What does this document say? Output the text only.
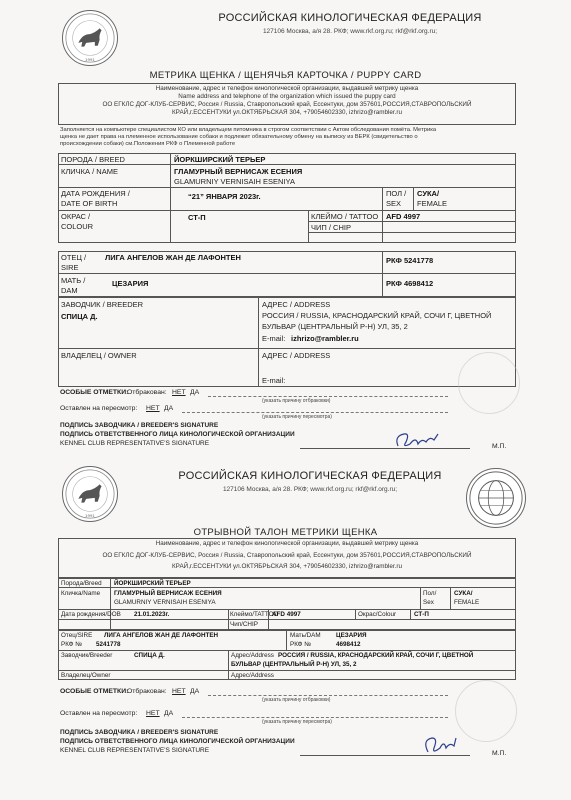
1991
РОССИЙСКАЯ КИНОЛОГИЧЕСКАЯ ФЕДЕРАЦИЯ
127106 Москва, а/я 28. РКФ; www.rkf.org.ru; rkf@rkf.org.ru;
МЕТРИКА ЩЕНКА / ЩЕНЯЧЬЯ КАРТОЧКА / PUPPY CARD
Наименование, адрес и телефон кинологической организации, выдавшей метрику щенка
Name address and telephone of the organization which issued the puppy card
ОО ЕГКЛС ДОГ-КЛУБ-СЕРВИС, Россия / Russia, Ставропольский край, Ессентуки, дом 357601,РОССИЯ,СТАВРОПОЛЬСКИЙ
КРАЙ,г.ЕССЕНТУКИ ул.ОКТЯБРЬСКАЯ 304, +79054602330, izhrizo@rambler.ru
Заполняется на компьютере специалистом КО или владельцем питомника в строгом соответствии с Актом обследования помёта. Метрика
щенка не дает права на племенное использование собаки и подлежит обязательному обмену на выписку из ВЕРК (свидетельство о
происхождении собаки) см.Положения РКФ о Племенной работе
ПОРОДА / BREED	ЙОРКШИРСКИЙ ТЕРЬЕР
КЛИЧКА / NAME	ГЛАМУРНЫЙ ВЕРНИСАЖ ЕСЕНИЯ
GLAMURNIY VERNISAIH ESENIYA
ДАТА РОЖДЕНИЯ /
DATE OF BIRTH
“21” ЯНВАРЯ 2023г.	ПОЛ /
SEX
СУКА/
FEMALE
ОКРАС /
COLOUR
СТ-П	КЛЕЙМО / TATTOO AFD 4997
ЧИП / CHIP
ОТЕЦ /
SIRE
ЛИГА АНГЕЛОВ ЖАН ДЕ ЛАФОНТЕН	РКФ 5241778
МАТЬ /
DAM
ЦЕЗАРИЯ	РКФ 4698412
ЗАВОДЧИК / BREEDER
СПИЦА Д.
АДРЕС / ADDRESS
РОССИЯ / RUSSIA, КРАСНОДАРСКИЙ КРАЙ, СОЧИ Г, ЦВЕТНОЙ
БУЛЬВАР (ЦЕНТРАЛЬНЫЙ Р-Н) УЛ, 35, 2
E-mail: izhrizo@rambler.ru
ВЛАДЕЛЕЦ / OWNER	АДРЕС / ADDRESS
E-mail:
ОСОБЫЕ ОТМЕТКИ:
Отбракован: НЕТ ДА
(указать причину отбраковки)
Оставлен на пересмотр: НЕТ ДА
(указать причину пересмотра)
ПОДПИСЬ ЗАВОДЧИКА / BREEDER'S SIGNATURE
ПОДПИСЬ ОТВЕТСТВЕННОГО ЛИЦА КИНОЛОГИЧЕСКОЙ ОРГАНИЗАЦИИ
KENNEL CLUB REPRESENTATIVE'S SIGNATURE	М.П.
1991
РОССИЙСКАЯ КИНОЛОГИЧЕСКАЯ ФЕДЕРАЦИЯ
127106 Москва, а/я 28. РКФ; www.rkf.org.ru; rkf@rkf.org.ru;
ОТРЫВНОЙ ТАЛОН МЕТРИКИ ЩЕНКА
Наименование, адрес и телефон кинологической организации, выдавшей метрику щенка
ОО ЕГКЛС ДОГ-КЛУБ-СЕРВИС, Россия / Russia, Ставропольский край, Ессентуки, дом 357601,РОССИЯ,СТАВРОПОЛЬСКИЙ
КРАЙ,г.ЕССЕНТУКИ ул.ОКТЯБРЬСКАЯ 304, +79054602330, izhrizo@rambler.ru
Порода/Breed ЙОРКШИРСКИЙ ТЕРЬЕР
Кличка/Name ГЛАМУРНЫЙ ВЕРНИСАЖ ЕСЕНИЯ
GLAMURNIY VERNISAIH ESENIYA
Пол/
Sex
СУКА/
FEMALE
Дата рождения/DOB 21.01.2023г.	Клеймо/TATTOO
AFD 4997	Окрас/Colour	СТ-П
Чип/CHIP
Отец/SIRE ЛИГА АНГЕЛОВ ЖАН ДЕ ЛАФОНТЕН
РКФ № 5241778
Мать/DAM ЦЕЗАРИЯ
РКФ №	4698412
Заводчик/Breeder	СПИЦА Д.	Адрес/Address РОССИЯ / RUSSIA, КРАСНОДАРСКИЙ КРАЙ, СОЧИ Г, ЦВЕТНОЙ
БУЛЬВАР (ЦЕНТРАЛЬНЫЙ Р-Н) УЛ, 35, 2
Владелец/Owner	Адрес/Address
ОСОБЫЕ ОТМЕТКИ:
Отбракован: НЕТ ДА
(указать причину отбраковки)
Оставлен на пересмотр: НЕТ ДА
(указать причину пересмотра)
ПОДПИСЬ ЗАВОДЧИКА / BREEDER'S SIGNATURE
ПОДПИСЬ ОТВЕТСТВЕННОГО ЛИЦА КИНОЛОГИЧЕСКОЙ ОРГАНИЗАЦИИ
KENNEL CLUB REPRESENTATIVE'S SIGNATURE	М.П.
